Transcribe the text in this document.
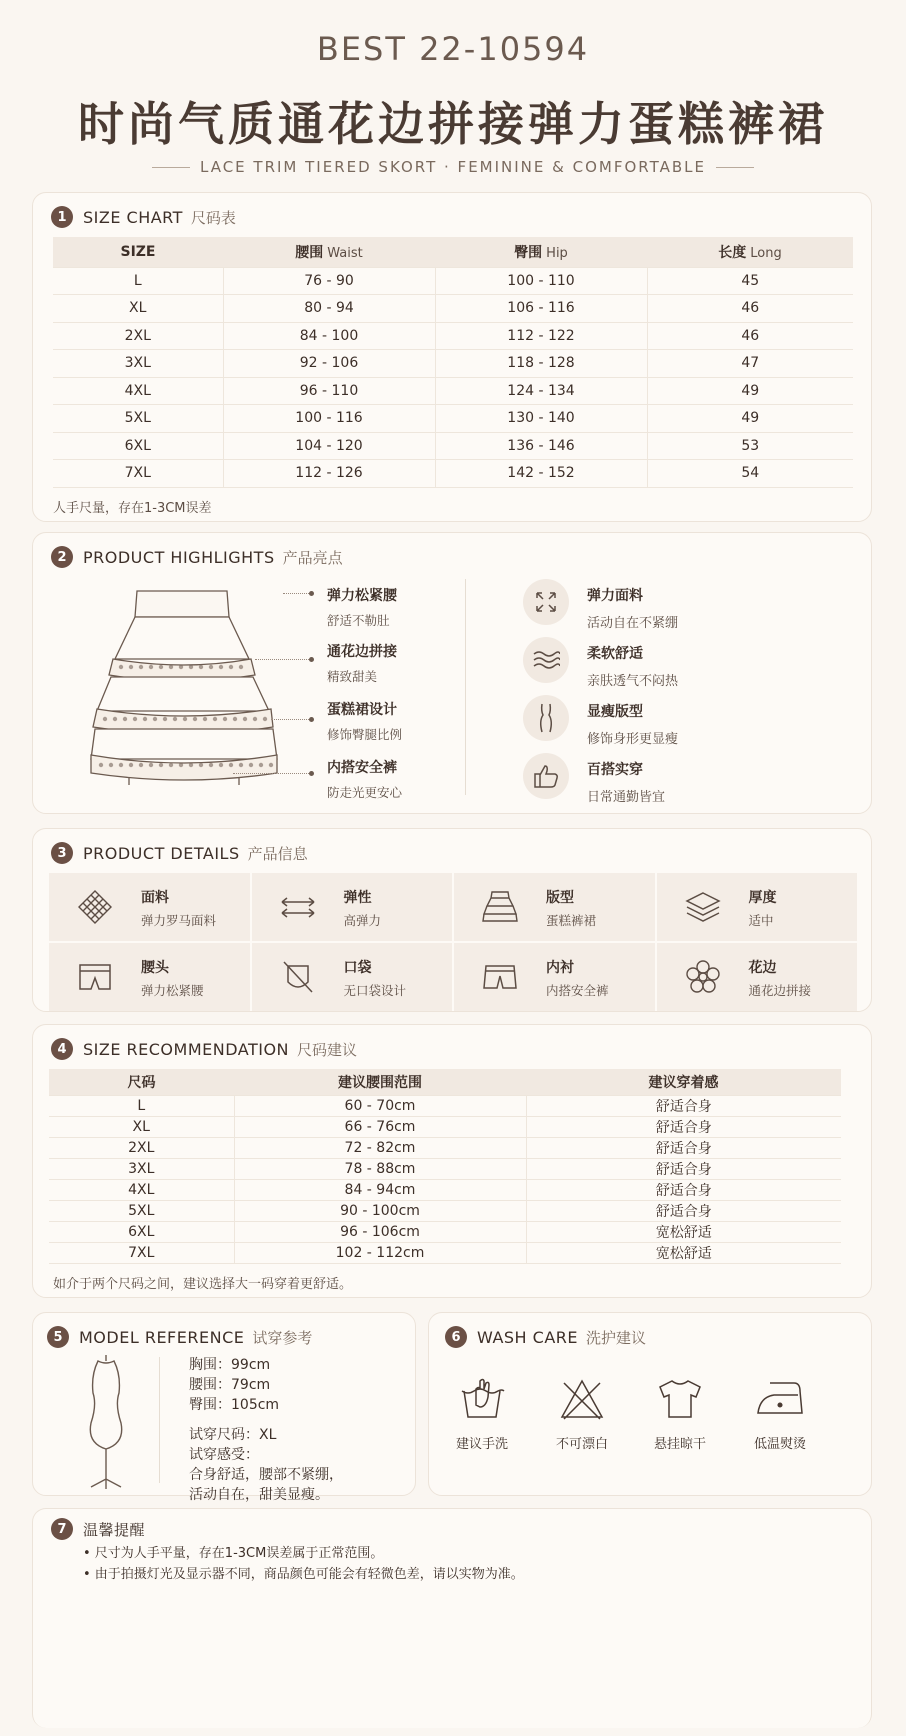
BEST 22-10594
时尚气质通花边拼接弹力蛋糕裤裙
LACE TRIM TIERED SKORT · FEMININE & COMFORTABLE
1	SIZE CHART 尺码表
SIZE	腰围 Waist	臀围 Hip	长度 Long
L	76 - 90	100 - 110	45
XL	80 - 94	106 - 116	46
2XL	84 - 100	112 - 122	46
3XL	92 - 106	118 - 128	47
4XL	96 - 110	124 - 134	49
5XL	100 - 116	130 - 140	49
6XL	104 - 120	136 - 146	53
7XL	112 - 126	142 - 152	54
人手尺量，存在1-3CM误差
2	PRODUCT HIGHLIGHTS 产品亮点
弹力松紧腰
舒适不勒肚
通花边拼接
精致甜美
蛋糕裙设计
修饰臀腿比例
内搭安全裤
防走光更安心
弹力面料
活动自在不紧绷
柔软舒适
亲肤透气不闷热
显瘦版型
修饰身形更显瘦
百搭实穿
日常通勤皆宜
3	PRODUCT DETAILS 产品信息
面料
弹力罗马面料
弹性
高弹力
版型
蛋糕裤裙
厚度
适中
腰头
弹力松紧腰
口袋
无口袋设计
内衬
内搭安全裤
花边
通花边拼接
4	SIZE RECOMMENDATION 尺码建议
尺码	建议腰围范围	建议穿着感
L	60 - 70cm	舒适合身
XL	66 - 76cm	舒适合身
2XL	72 - 82cm	舒适合身
3XL	78 - 88cm	舒适合身
4XL	84 - 94cm	舒适合身
5XL	90 - 100cm	舒适合身
6XL	96 - 106cm	宽松舒适
7XL	102 - 112cm	宽松舒适
如介于两个尺码之间，建议选择大一码穿着更舒适。
5	MODEL REFERENCE 试穿参考
胸围：99cm
腰围：79cm
臀围：105cm
试穿尺码：XL
试穿感受：
合身舒适，腰部不紧绷，
活动自在，甜美显瘦。
6	WASH CARE 洗护建议
建议手洗	不可漂白	悬挂晾干	低温熨烫
7	温馨提醒
• 尺寸为人手平量，存在1-3CM误差属于正常范围。
• 由于拍摄灯光及显示器不同，商品颜色可能会有轻微色差，请以实物为准。
